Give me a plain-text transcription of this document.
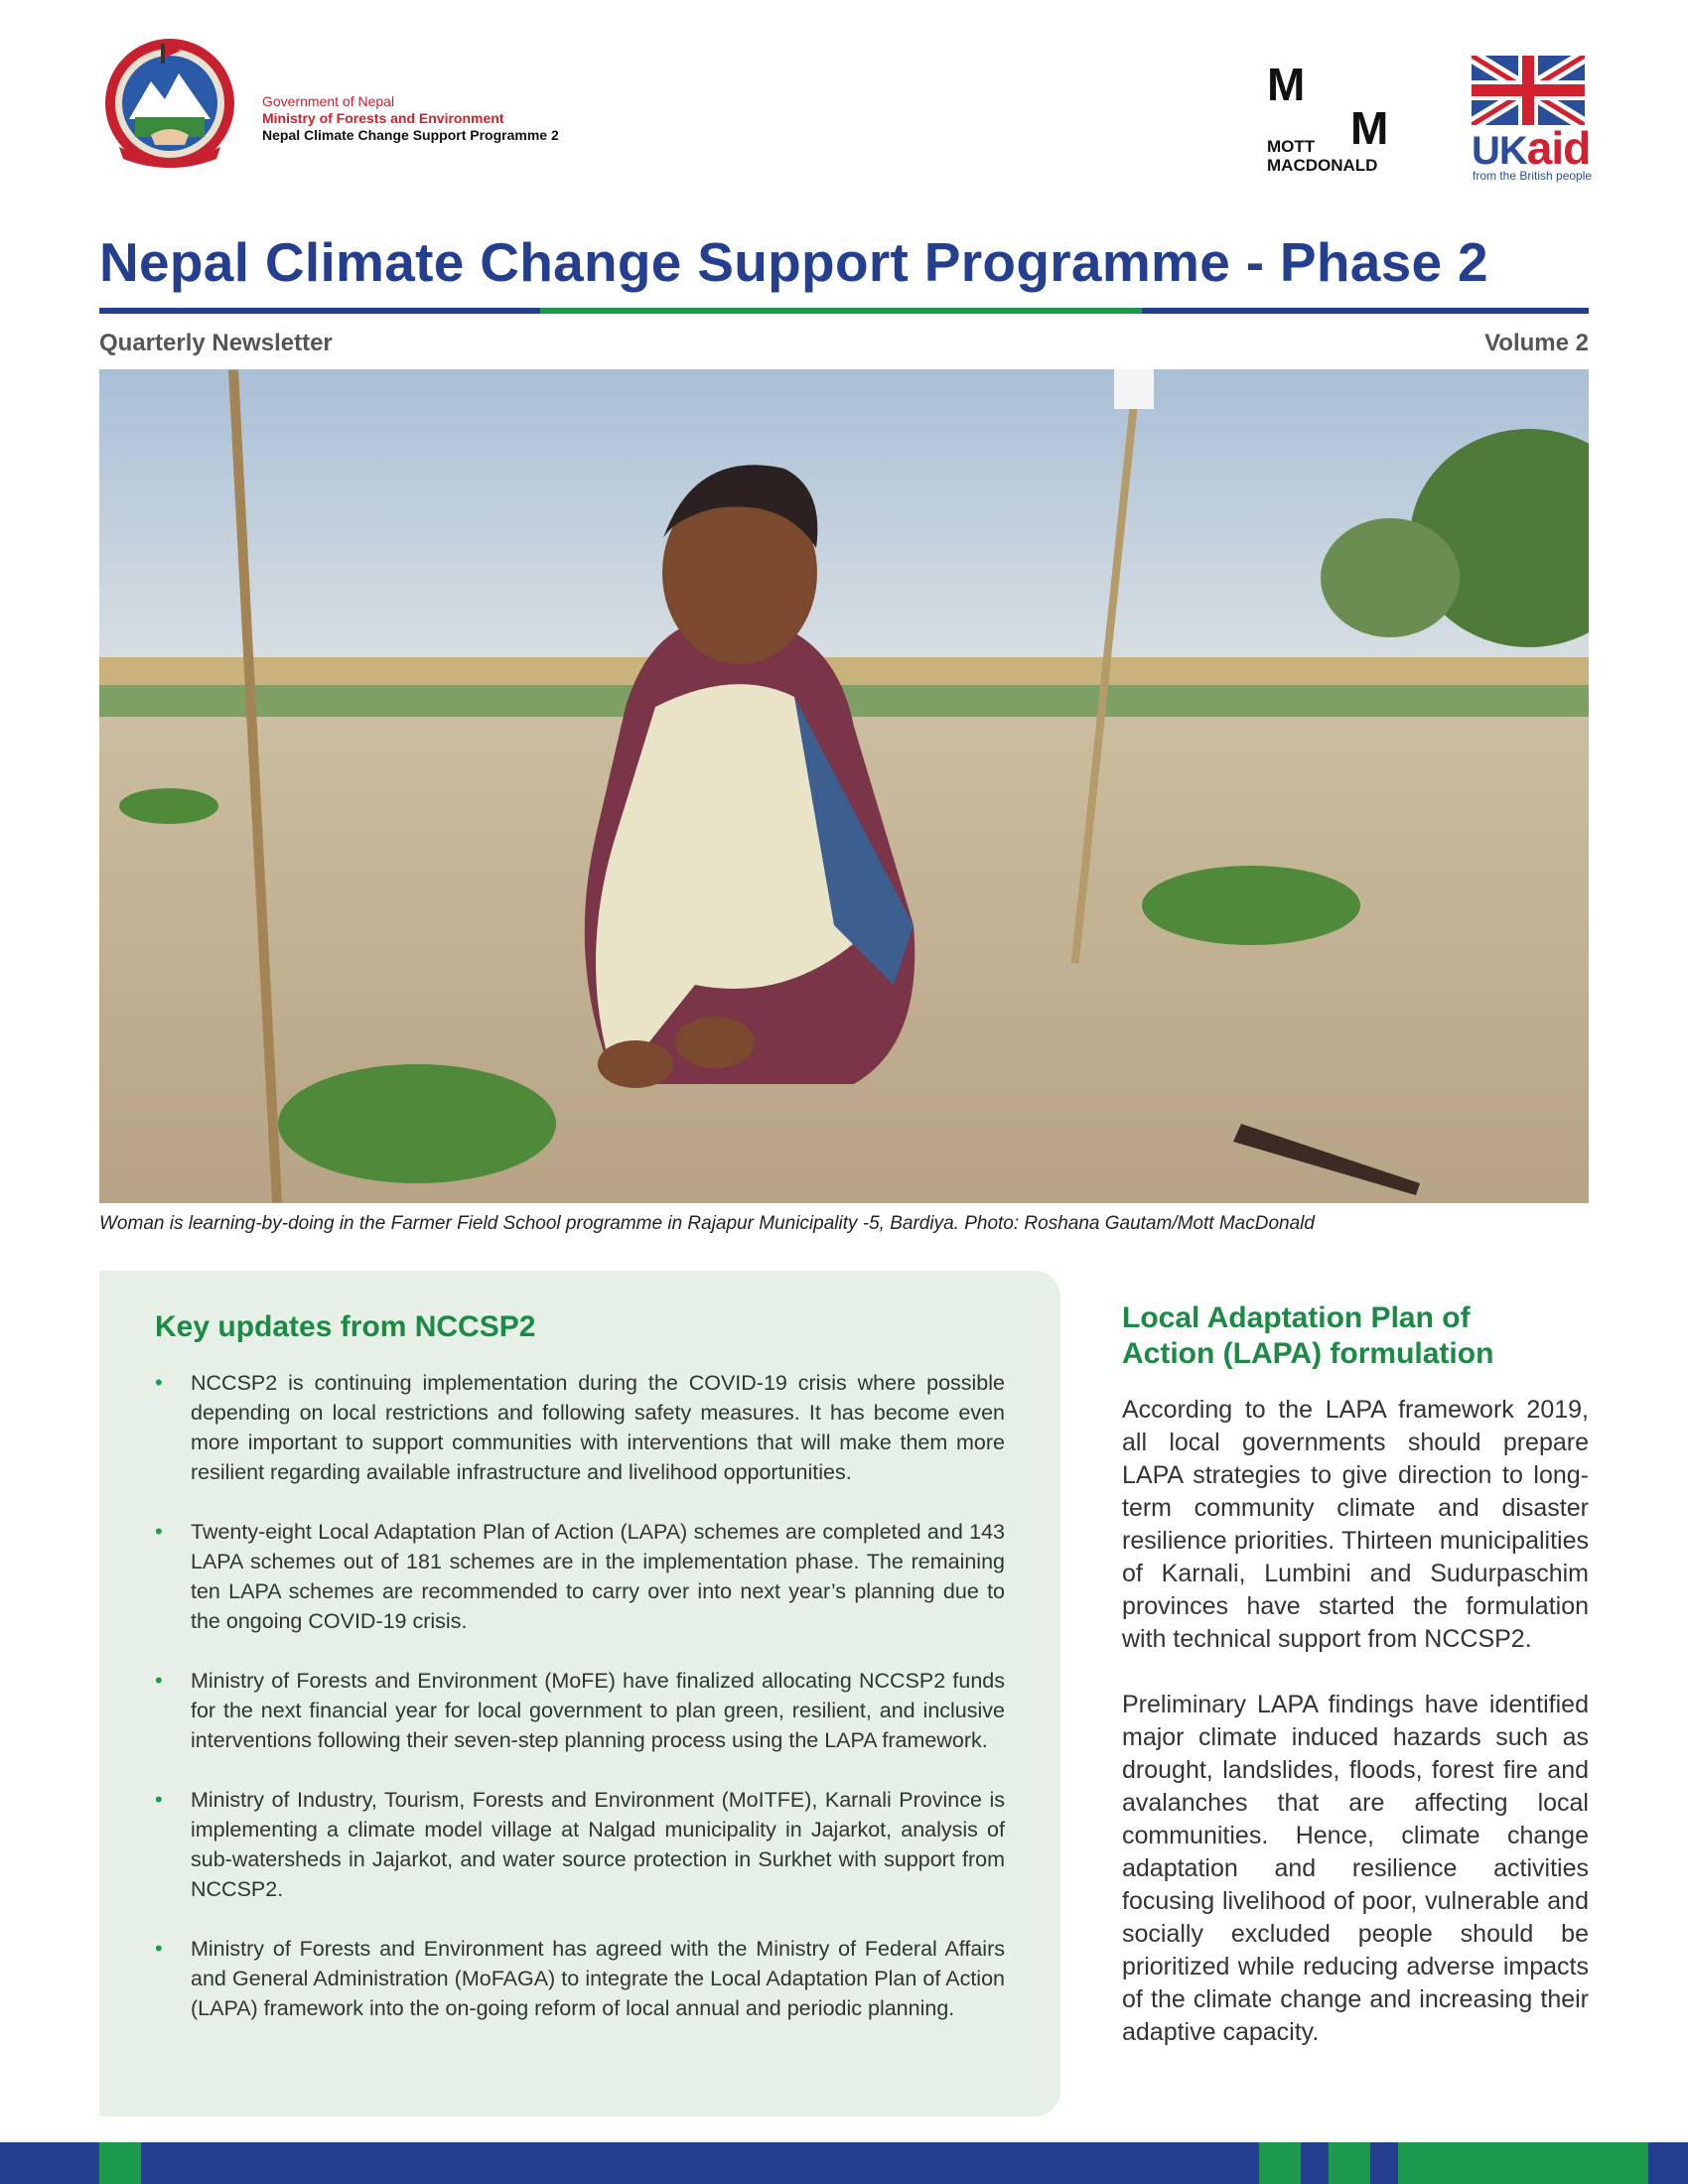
Government of Nepal
Ministry of Forests and Environment
Nepal Climate Change Support Programme 2
M
M
MOTT
MACDONALD UKaid
from the British people
Nepal Climate Change Support Programme - Phase 2
Quarterly Newsletter	Volume 2
Woman is learning-by-doing in the Farmer Field School programme in Rajapur Municipality -5, Bardiya. Photo: Roshana Gautam/Mott MacDonald
Key updates from NCCSP2
• NCCSP2 is continuing implementation during the COVID-19 crisis where possible depending on local restrictions and following safety measures. It has become even more important to support communities with interventions that will make them more resilient regarding available infrastructure and livelihood opportunities.
• Twenty-eight Local Adaptation Plan of Action (LAPA) schemes are completed and 143 LAPA schemes out of 181 schemes are in the implementation phase. The remaining ten LAPA schemes are recommended to carry over into next year’s planning due to the ongoing COVID-19 crisis.
• Ministry of Forests and Environment (MoFE) have finalized allocating NCCSP2 funds for the next financial year for local government to plan green, resilient, and inclusive interventions following their seven-step planning process using the LAPA framework.
• Ministry of Industry, Tourism, Forests and Environment (MoITFE), Karnali Province is implementing a climate model village at Nalgad municipality in Jajarkot, analysis of sub-watersheds in Jajarkot, and water source protection in Surkhet with support from NCCSP2.
• Ministry of Forests and Environment has agreed with the Ministry of Federal Affairs and General Administration (MoFAGA) to integrate the Local Adaptation Plan of Action (LAPA) framework into the on-going reform of local annual and periodic planning.
Local Adaptation Plan of
Action (LAPA) formulation

According to the LAPA framework 2019, all local governments should prepare LAPA strategies to give direction to long-term community climate and disaster resilience priorities. Thirteen municipalities of Karnali, Lumbini and Sudurpaschim provinces have started the formulation with technical support from NCCSP2.

Preliminary LAPA findings have identified major climate induced hazards such as drought, landslides, floods, forest fire and avalanches that are affecting local communities. Hence, climate change adaptation and resilience activities focusing livelihood of poor, vulnerable and socially excluded people should be prioritized while reducing adverse impacts of the climate change and increasing their adaptive capacity.
